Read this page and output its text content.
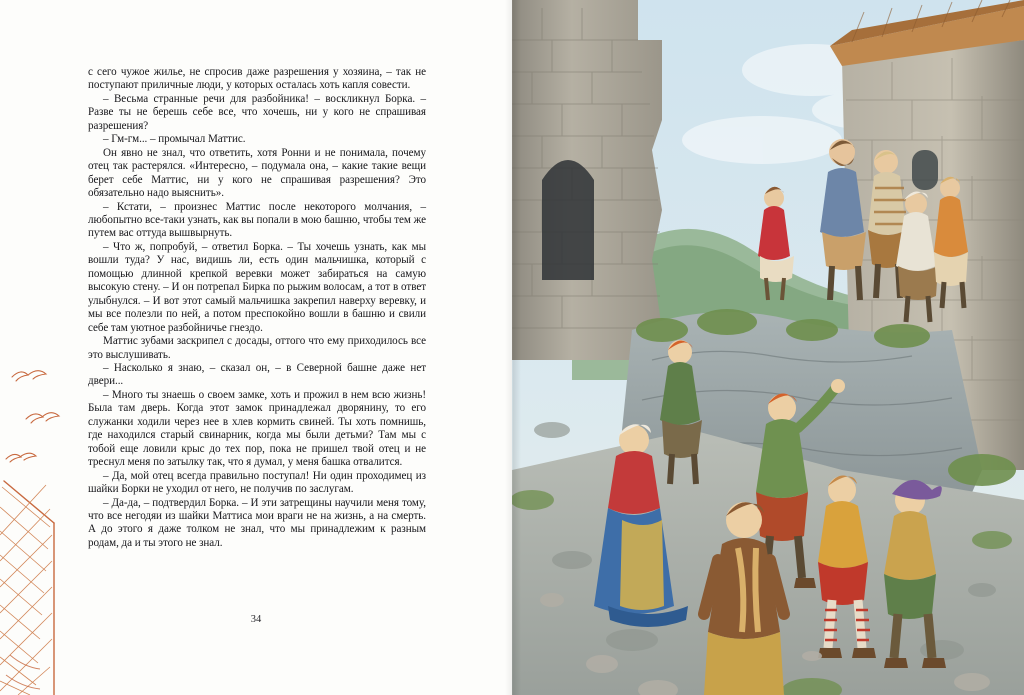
с сего чужое жилье, не спросив даже разрешения у хозяина, – так не поступают приличные люди, у которых осталась хоть капля совести.

– Весьма странные речи для разбойника! – воскликнул Борка. – Разве ты не берешь себе все, что хочешь, ни у кого не спрашивая разрешения?

– Гм-гм... – промычал Маттис.

Он явно не знал, что ответить, хотя Ронни и не понимала, почему отец так растерялся. «Интересно, – подумала она, – какие такие вещи берет себе Маттис, ни у кого не спрашивая разрешения? Это обязательно надо выяснить».

– Кстати, – произнес Маттис после некоторого молчания, – любопытно все-таки узнать, как вы попали в мою башню, чтобы тем же путем вас оттуда вышвырнуть.

– Что ж, попробуй, – ответил Борка. – Ты хочешь узнать, как мы вошли туда? У нас, видишь ли, есть один мальчишка, который с помощью длинной крепкой веревки может забираться на самую высокую стену. – И он потрепал Бирка по рыжим волосам, а тот в ответ улыбнулся. – И вот этот самый мальчишка закрепил наверху веревку, и мы все полезли по ней, а потом преспокойно вошли в башню и свили себе там уютное разбойничье гнездо.

Маттис зубами заскрипел с досады, оттого что ему приходилось все это выслушивать.

– Насколько я знаю, – сказал он, – в Северной башне даже нет двери...

– Много ты знаешь о своем замке, хоть и прожил в нем всю жизнь! Была там дверь. Когда этот замок принадлежал дворянину, то его служанки ходили через нее в хлев кормить свиней. Ты хоть помнишь, где находился старый свинарник, когда мы были детьми? Там мы с тобой еще ловили крыс до тех пор, пока не пришел твой отец и не треснул меня по затылку так, что я думал, у меня башка отвалится.

– Да, мой отец всегда правильно поступал! Ни один проходимец из шайки Борки не уходил от него, не получив по заслугам.

– Да-да, – подтвердил Борка. – И эти затрещины научили меня тому, что все негодяи из шайки Маттиса мои враги не на жизнь, а на смерть. А до этого я даже толком не знал, что мы принадлежим к разным родам, да и ты этого не знал.

34
